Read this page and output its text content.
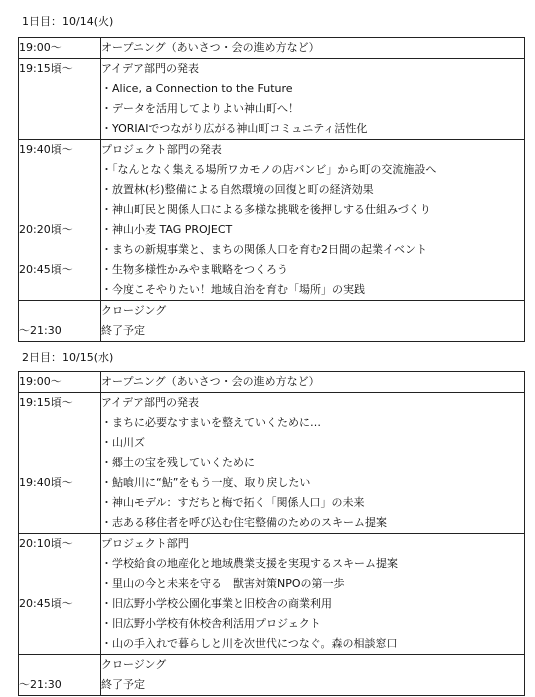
1日目：10/14(火)
19:00～	オープニング（あいさつ・会の進め方など）
19:15頃～	アイデア部門の発表
	・Alice, a Connection to the Future
	・データを活用してよりよい神山町へ！
	・YORIAIでつながり広がる神山町コミュニティ活性化
19:40頃～	プロジェクト部門の発表
	・「なんとなく集える場所ワカモノの店バンビ」から町の交流施設へ
	・放置林(杉)整備による自然環境の回復と町の経済効果
	・神山町民と関係人口による多様な挑戦を後押しする仕組みづくり
20:20頃～	・神山小麦 TAG PROJECT
	・まちの新規事業と、まちの関係人口を育む2日間の起業イベント
20:45頃～	・生物多様性かみやま戦略をつくろう
	・今度こそやりたい！地域自治を育む「場所」の実践
	クロージング
～21:30	終了予定
2日目：10/15(水)
19:00～	オープニング（あいさつ・会の進め方など）
19:15頃～	アイデア部門の発表
	・まちに必要なすまいを整えていくために…
	・山川ズ
	・郷土の宝を残していくために
19:40頃～	・鮎喰川に“鮎”をもう一度、取り戻したい
	・神山モデル：すだちと梅で拓く「関係人口」の未来
	・志ある移住者を呼び込む住宅整備のためのスキーム提案
20:10頃～	プロジェクト部門
	・学校給食の地産化と地域農業支援を実現するスキーム提案
	・里山の今と未来を守る　獣害対策NPOの第一歩
20:45頃～	・旧広野小学校公園化事業と旧校舎の商業利用
	・旧広野小学校有休校舎利活用プロジェクト
	・山の手入れで暮らしと川を次世代につなぐ。森の相談窓口
	クロージング
～21:30	終了予定
